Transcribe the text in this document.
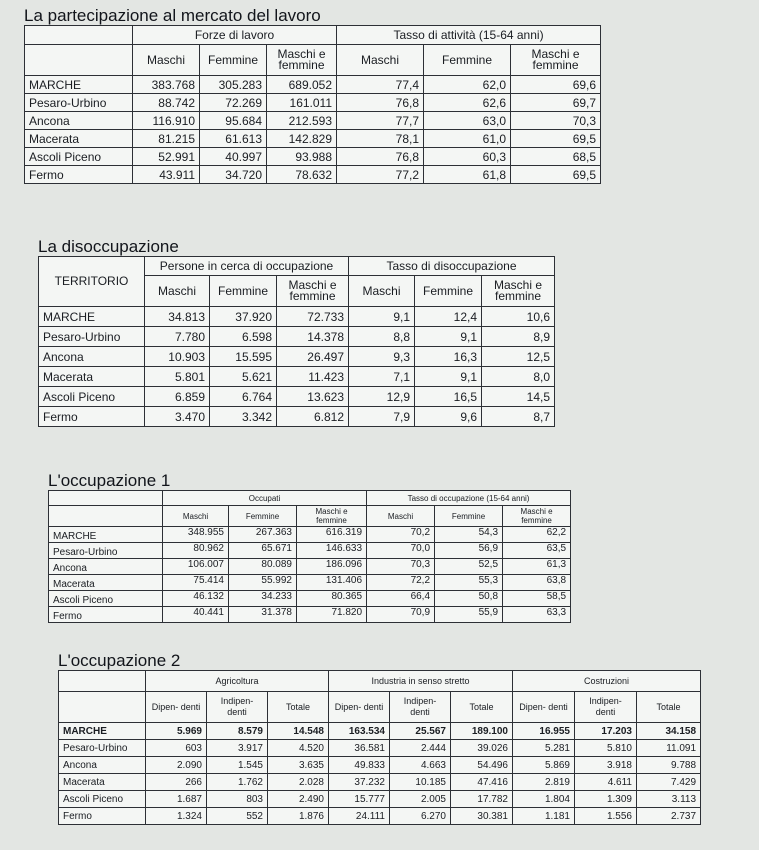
La partecipazione al mercato del lavoro
	Forze di lavoro			Tasso di attività (15-64 anni)		
	Maschi	Femmine	Maschi e femmine	Maschi	Femmine	Maschi e femmine
MARCHE	383.768	305.283	689.052	77,4	62,0	69,6
Pesaro-Urbino	88.742	72.269	161.011	76,8	62,6	69,7
Ancona	116.910	95.684	212.593	77,7	63,0	70,3
Macerata	81.215	61.613	142.829	78,1	61,0	69,5
Ascoli Piceno	52.991	40.997	93.988	76,8	60,3	68,5
Fermo	43.911	34.720	78.632	77,2	61,8	69,5
La disoccupazione
TERRITORIO	Persone in cerca di occupazione			Tasso di disoccupazione		
	Maschi	Femmine	Maschi e femmine	Maschi	Femmine	Maschi e femmine
MARCHE	34.813	37.920	72.733	9,1	12,4	10,6
Pesaro-Urbino	7.780	6.598	14.378	8,8	9,1	8,9
Ancona	10.903	15.595	26.497	9,3	16,3	12,5
Macerata	5.801	5.621	11.423	7,1	9,1	8,0
Ascoli Piceno	6.859	6.764	13.623	12,9	16,5	14,5
Fermo	3.470	3.342	6.812	7,9	9,6	8,7
L'occupazione 1
	Occupati			Tasso di occupazione (15-64 anni)		
	Maschi	Femmine	Maschi e femmine	Maschi	Femmine	Maschi e femmine
MARCHE	348.955	267.363	616.319	70,2	54,3	62,2
Pesaro-Urbino	80.962	65.671	146.633	70,0	56,9	63,5
Ancona	106.007	80.089	186.096	70,3	52,5	61,3
Macerata	75.414	55.992	131.406	72,2	55,3	63,8
Ascoli Piceno	46.132	34.233	80.365	66,4	50,8	58,5
Fermo	40.441	31.378	71.820	70,9	55,9	63,3
L'occupazione 2
	Agricoltura			Industria in senso stretto			Costruzioni		
	Dipen- denti	Indipen- denti	Totale	Dipen- denti	Indipen- denti	Totale	Dipen- denti	Indipen- denti	Totale
MARCHE	5.969	8.579	14.548	163.534	25.567	189.100	16.955	17.203	34.158
Pesaro-Urbino	603	3.917	4.520	36.581	2.444	39.026	5.281	5.810	11.091
Ancona	2.090	1.545	3.635	49.833	4.663	54.496	5.869	3.918	9.788
Macerata	266	1.762	2.028	37.232	10.185	47.416	2.819	4.611	7.429
Ascoli Piceno	1.687	803	2.490	15.777	2.005	17.782	1.804	1.309	3.113
Fermo	1.324	552	1.876	24.111	6.270	30.381	1.181	1.556	2.737
